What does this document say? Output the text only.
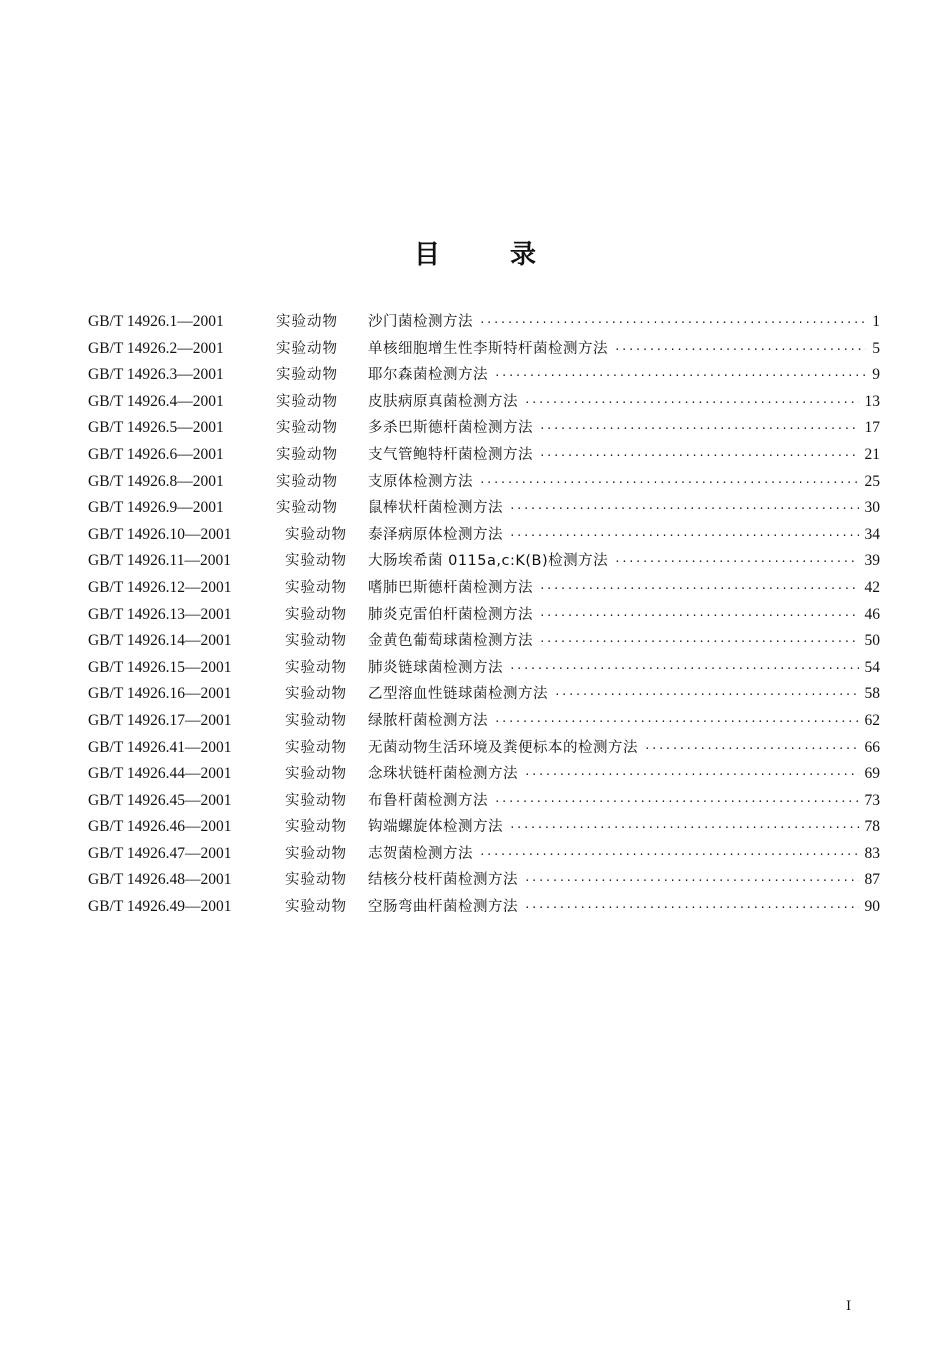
目	录
GB/T 14926.1—2001	实验动物	沙门菌检测方法 ·····	1
GB/T 14926.2—2001	实验动物	单核细胞增生性李斯特杆菌检测方法 ·····	5
GB/T 14926.3—2001	实验动物	耶尔森菌检测方法 ·····	9
GB/T 14926.4—2001	实验动物	皮肤病原真菌检测方法 ·····	13
GB/T 14926.5—2001	实验动物	多杀巴斯德杆菌检测方法 ·····	17
GB/T 14926.6—2001	实验动物	支气管鲍特杆菌检测方法 ·····	21
GB/T 14926.8—2001	实验动物	支原体检测方法 ·····	25
GB/T 14926.9—2001	实验动物	鼠棒状杆菌检测方法 ·····	30
GB/T 14926.10—2001	实验动物	泰泽病原体检测方法 ·····	34
GB/T 14926.11—2001	实验动物	大肠埃希菌 0115a,c:K(B)检测方法 ·····	39
GB/T 14926.12—2001	实验动物	嗜肺巴斯德杆菌检测方法 ·····	42
GB/T 14926.13—2001	实验动物	肺炎克雷伯杆菌检测方法 ·····	46
GB/T 14926.14—2001	实验动物	金黄色葡萄球菌检测方法 ·····	50
GB/T 14926.15—2001	实验动物	肺炎链球菌检测方法 ·····	54
GB/T 14926.16—2001	实验动物	乙型溶血性链球菌检测方法 ·····	58
GB/T 14926.17—2001	实验动物	绿脓杆菌检测方法 ·····	62
GB/T 14926.41—2001	实验动物	无菌动物生活环境及粪便标本的检测方法 ·····	66
GB/T 14926.44—2001	实验动物	念珠状链杆菌检测方法 ·····	69
GB/T 14926.45—2001	实验动物	布鲁杆菌检测方法 ·····	73
GB/T 14926.46—2001	实验动物	钩端螺旋体检测方法 ·····	78
GB/T 14926.47—2001	实验动物	志贺菌检测方法 ·····	83
GB/T 14926.48—2001	实验动物	结核分枝杆菌检测方法 ·····	87
GB/T 14926.49—2001	实验动物	空肠弯曲杆菌检测方法 ·····	90
Ⅰ
